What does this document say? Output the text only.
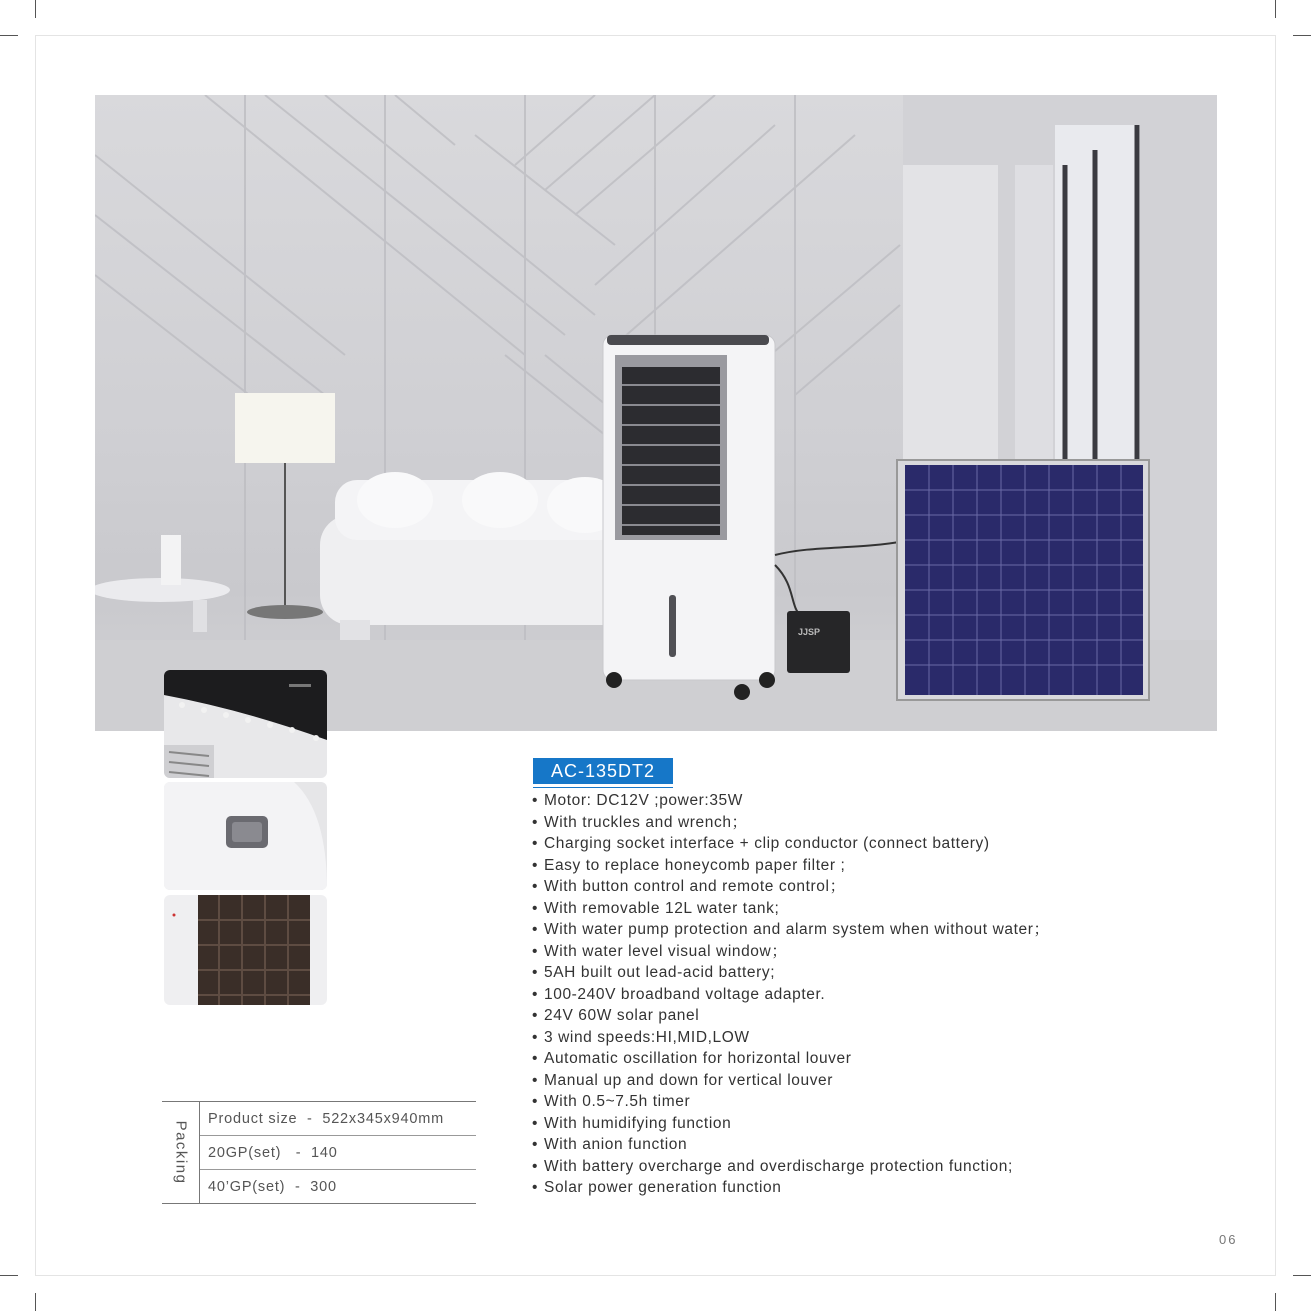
JJSP
AC-135DT2
• Motor: DC12V ;power:35W
• With truckles and wrench；
• Charging socket interface + clip conductor (connect battery)
• Easy to replace honeycomb paper filter ;
• With button control and remote control；
• With removable 12L water tank;
• With water pump protection and alarm system when without water；
• With water level visual window；
• 5AH built out lead-acid battery;
• 100-240V broadband voltage adapter.
• 24V 60W solar panel
• 3 wind speeds:HI,MID,LOW
• Automatic oscillation for horizontal louver
• Manual up and down for vertical louver
• With 0.5~7.5h timer
• With humidifying function
• With anion function
• With battery overcharge and overdischarge protection function;
• Solar power generation function
Packing
Product size  -  522x345x940mm
20GP(set)   -  140
40’GP(set)  -  300
06
